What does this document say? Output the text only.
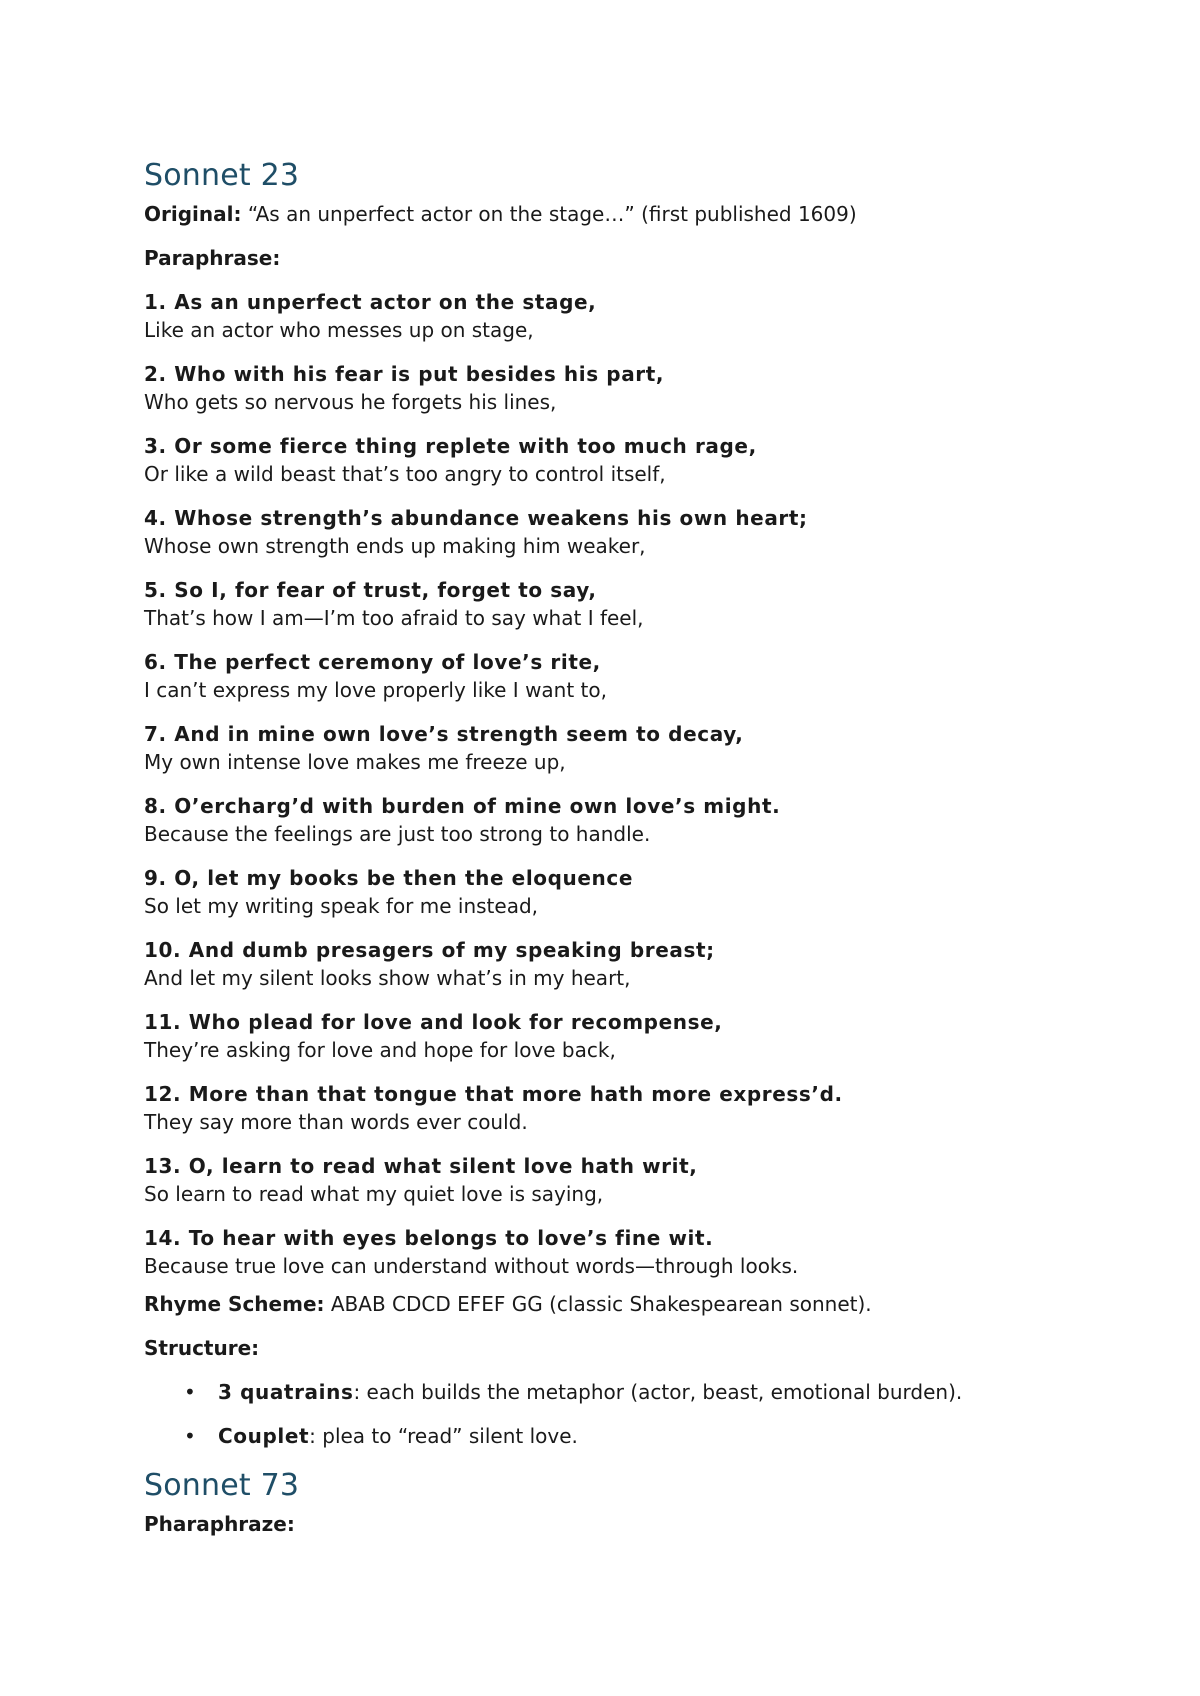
Sonnet 23

Original: “As an unperfect actor on the stage…” (first published 1609)

Paraphrase:

1. As an unperfect actor on the stage,
Like an actor who messes up on stage,
2. Who with his fear is put besides his part,
Who gets so nervous he forgets his lines,
3. Or some fierce thing replete with too much rage,
Or like a wild beast that’s too angry to control itself,
4. Whose strength’s abundance weakens his own heart;
Whose own strength ends up making him weaker,
5. So I, for fear of trust, forget to say,
That’s how I am—I’m too afraid to say what I feel,
6. The perfect ceremony of love’s rite,
I can’t express my love properly like I want to,
7. And in mine own love’s strength seem to decay,
My own intense love makes me freeze up,
8. O’ercharg’d with burden of mine own love’s might.
Because the feelings are just too strong to handle.
9. O, let my books be then the eloquence
So let my writing speak for me instead,
10. And dumb presagers of my speaking breast;
And let my silent looks show what’s in my heart,
11. Who plead for love and look for recompense,
They’re asking for love and hope for love back,
12. More than that tongue that more hath more express’d.
They say more than words ever could.
13. O, learn to read what silent love hath writ,
So learn to read what my quiet love is saying,
14. To hear with eyes belongs to love’s fine wit.
Because true love can understand without words—through looks.

Rhyme Scheme: ABAB CDCD EFEF GG (classic Shakespearean sonnet).

Structure:

• 3 quatrains: each builds the metaphor (actor, beast, emotional burden).
• Couplet: plea to “read” silent love.
Sonnet 73

Pharaphraze:
